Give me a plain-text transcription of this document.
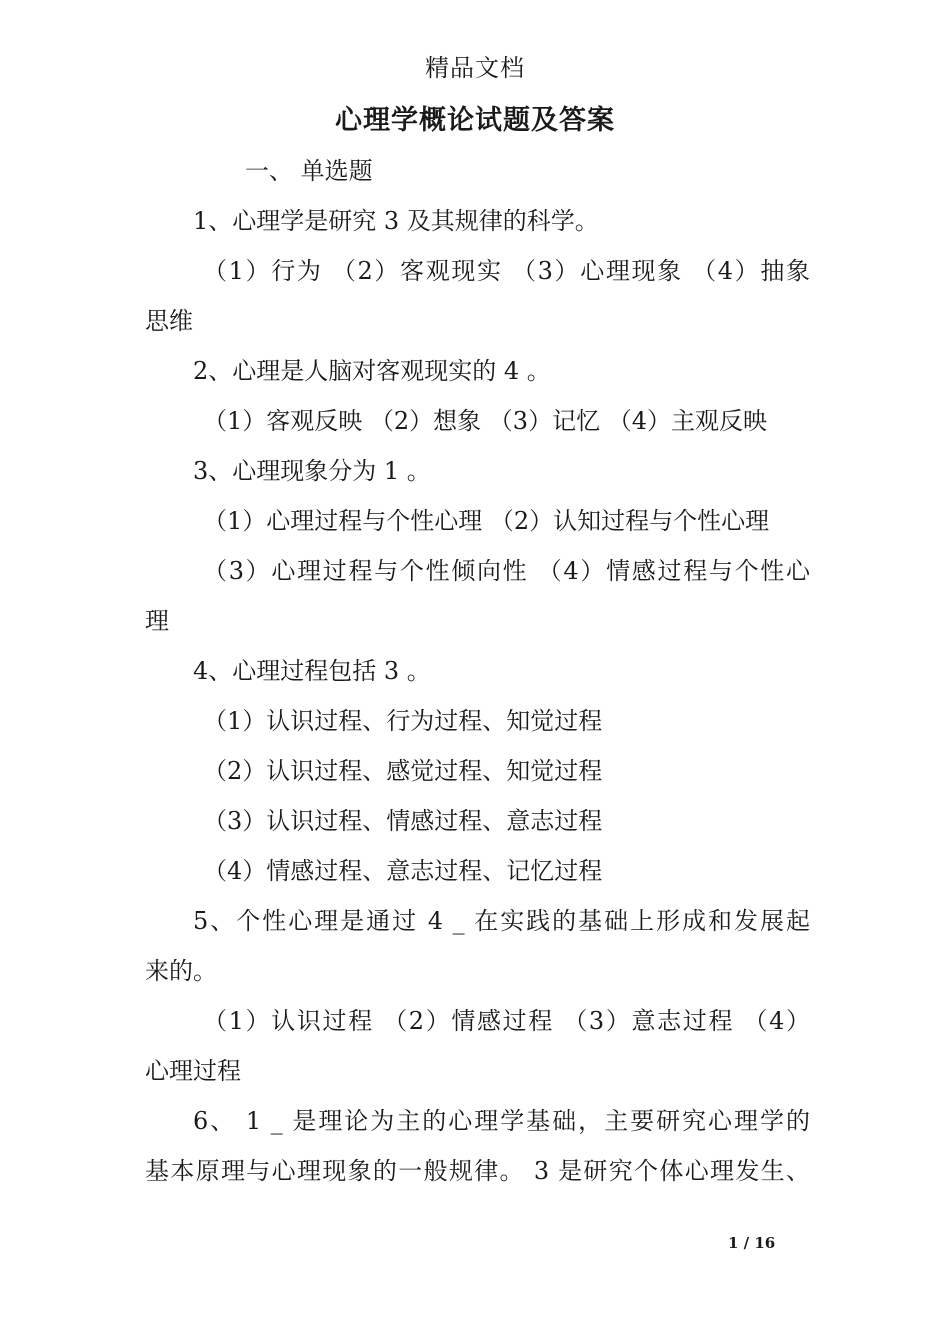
精品文档
心理学概论试题及答案
一、 单选题
1、心理学是研究 3 及其规律的科学。
（1）行为 （2）客观现实 （3）心理现象 （4）抽象
思维
2、心理是人脑对客观现实的 4 。
（1）客观反映 （2）想象 （3）记忆 （4）主观反映
3、心理现象分为 1 。
（1）心理过程与个性心理 （2）认知过程与个性心理
（3）心理过程与个性倾向性 （4）情感过程与个性心
理
4、心理过程包括 3 。
（1）认识过程、行为过程、知觉过程
（2）认识过程、感觉过程、知觉过程
（3）认识过程、情感过程、意志过程
（4）情感过程、意志过程、记忆过程
5、个性心理是通过 4 _ 在实践的基础上形成和发展起
来的。
（1）认识过程 （2）情感过程 （3）意志过程 （4）
心理过程
6、 1 _ 是理论为主的心理学基础，主要研究心理学的
基本原理与心理现象的一般规律。 3 是研究个体心理发生、
1 / 16
